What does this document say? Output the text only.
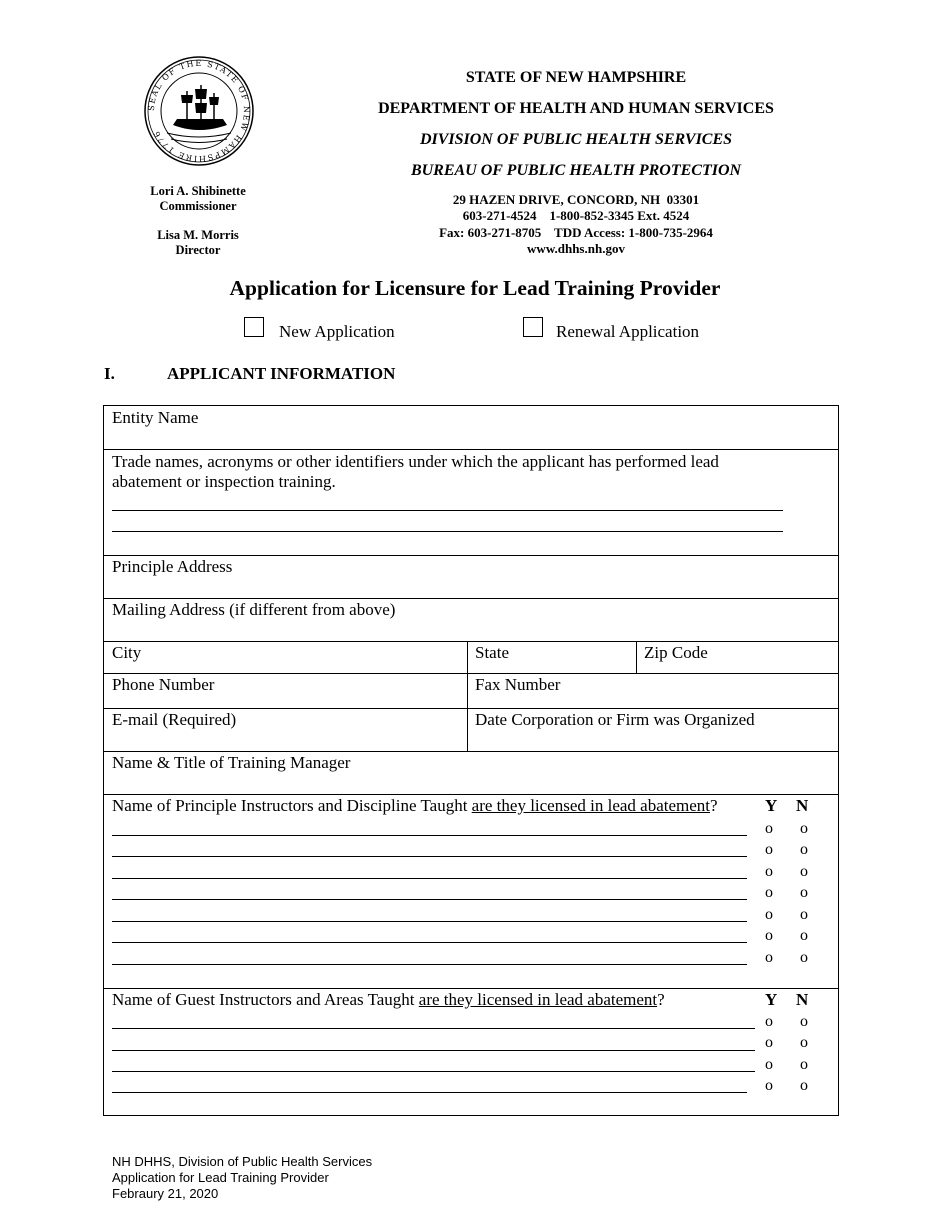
SEAL OF THE STATE OF NEW HAMPSHIRE 1776
Lori A. Shibinette
Commissioner
Lisa M. Morris
Director
STATE OF NEW HAMPSHIRE
DEPARTMENT OF HEALTH AND HUMAN SERVICES
DIVISION OF PUBLIC HEALTH SERVICES
BUREAU OF PUBLIC HEALTH PROTECTION
29 HAZEN DRIVE, CONCORD, NH  03301
603-271-4524    1-800-852-3345 Ext. 4524
Fax: 603-271-8705    TDD Access: 1-800-735-2964
www.dhhs.nh.gov
Application for Licensure for Lead Training Provider
New Application	Renewal Application
I.	APPLICANT INFORMATION
Entity Name
Trade names, acronyms or other identifiers under which the applicant has performed lead abatement or inspection training.
Principle Address
Mailing Address (if different from above)
City	State	Zip Code
Phone Number	Fax Number
E-mail (Required)	Date Corporation or Firm was Organized
Name & Title of Training Manager
Name of Principle Instructors and Discipline Taught are they licensed in lead abatement?	Y N
o o
o o
o o
o o
o o
o o
o o
Name of Guest Instructors and Areas Taught are they licensed in lead abatement?	Y N
o o
o o
o o
o o
NH DHHS, Division of Public Health Services
Application for Lead Training Provider
Febraury 21, 2020
